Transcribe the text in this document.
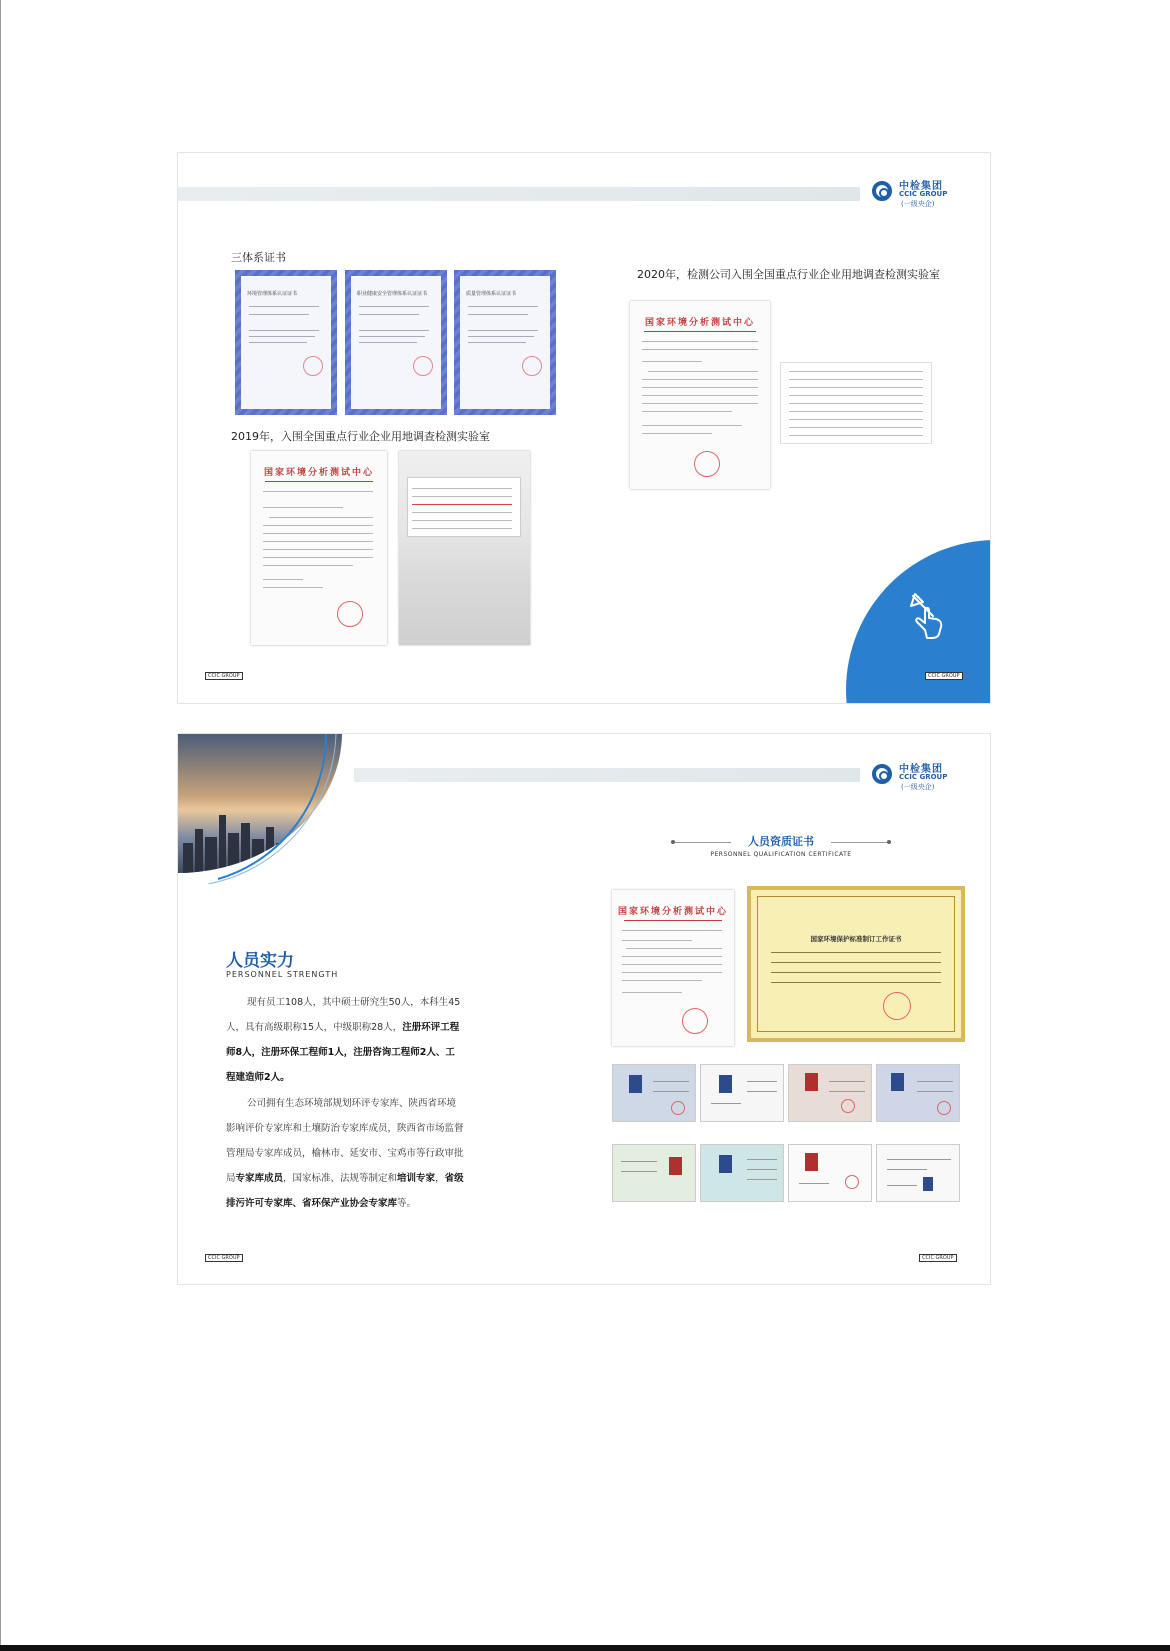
中检集团
CCIC GROUP
(一级央企)
三体系证书
环境管理体系认证证书	职业健康安全管理体系认证证书	质量管理体系认证证书
2019年，入围全国重点行业企业用地调查检测实验室
国家环境分析测试中心
2020年，检测公司入围全国重点行业企业用地调查检测实验室
国家环境分析测试中心
CCIC GROUP	CCIC GROUP
中检集团
CCIC GROUP
(一级央企)
人员实力
PERSONNEL STRENGTH
现有员工108人，其中硕士研究生50人，本科生45人，具有高级职称15人，中级职称28人，注册环评工程师8人，注册环保工程师1人，注册咨询工程师2人、工程建造师2人。
公司拥有生态环境部规划环评专家库、陕西省环境影响评价专家库和土壤防治专家库成员，陕西省市场监督管理局专家库成员，榆林市、延安市、宝鸡市等行政审批局专家库成员，国家标准、法规等制定和培训专家，省级排污许可专家库、省环保产业协会专家库等。
人员资质证书
PERSONNEL QUALIFICATION CERTIFICATE
国家环境分析测试中心
国家环境保护标准制订工作证书
CCIC GROUP	CCIC GROUP
